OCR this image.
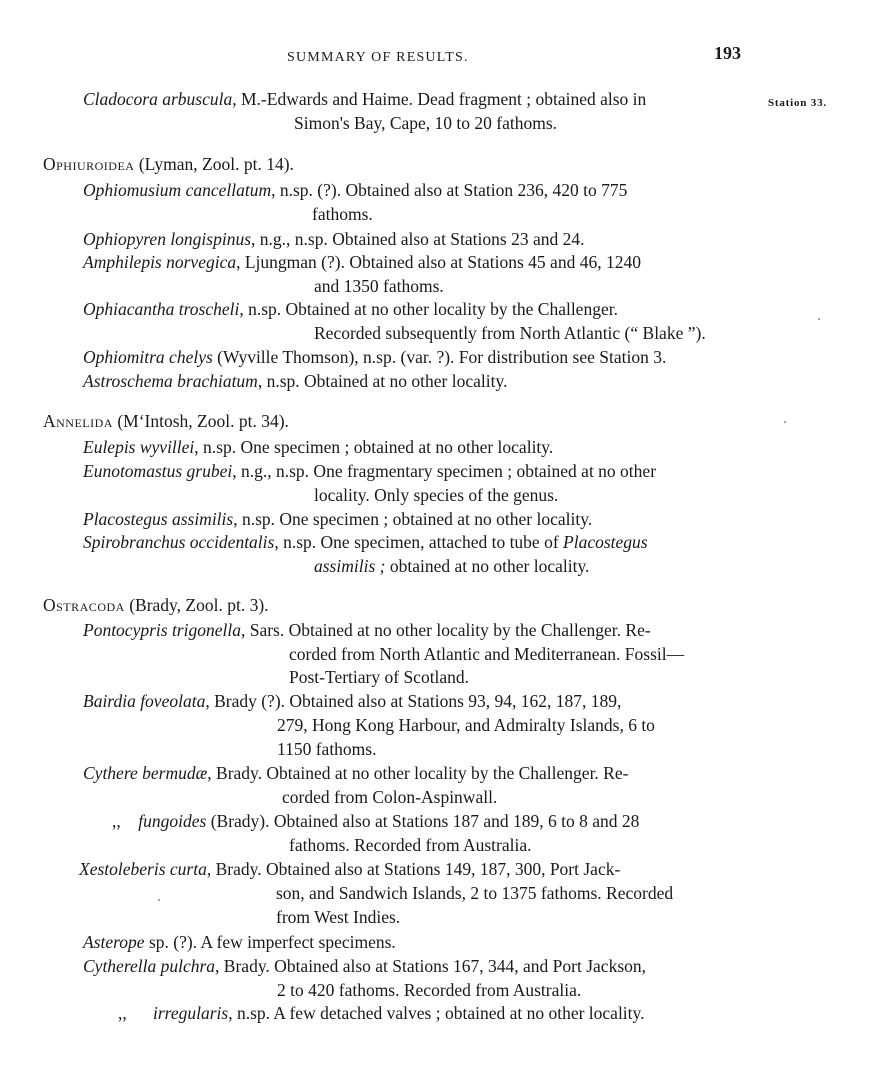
SUMMARY OF RESULTS.	193
Cladocora arbuscula, M.-Edwards and Haime. Dead fragment ; obtained also in	Station 33.
Simon's Bay, Cape, 10 to 20 fathoms.
Ophiuroidea (Lyman, Zool. pt. 14).
Ophiomusium cancellatum, n.sp. (?). Obtained also at Station 236, 420 to 775
fathoms.
Ophiopyren longispinus, n.g., n.sp. Obtained also at Stations 23 and 24.
Amphilepis norvegica, Ljungman (?). Obtained also at Stations 45 and 46, 1240
and 1350 fathoms.
Ophiacantha troscheli, n.sp. Obtained at no other locality by the Challenger.
Recorded subsequently from North Atlantic (“ Blake ”).
Ophiomitra chelys (Wyville Thomson), n.sp. (var. ?). For distribution see Station 3.
Astroschema brachiatum, n.sp. Obtained at no other locality.
Annelida (M‘Intosh, Zool. pt. 34).
Eulepis wyvillei, n.sp. One specimen ; obtained at no other locality.
Eunotomastus grubei, n.g., n.sp. One fragmentary specimen ; obtained at no other
locality. Only species of the genus.
Placostegus assimilis, n.sp. One specimen ; obtained at no other locality.
Spirobranchus occidentalis, n.sp. One specimen, attached to tube of Placostegus
assimilis ; obtained at no other locality.
Ostracoda (Brady, Zool. pt. 3).
Pontocypris trigonella, Sars. Obtained at no other locality by the Challenger. Re-
corded from North Atlantic and Mediterranean. Fossil—
Post-Tertiary of Scotland.
Bairdia foveolata, Brady (?). Obtained also at Stations 93, 94, 162, 187, 189,
279, Hong Kong Harbour, and Admiralty Islands, 6 to
1150 fathoms.
Cythere bermudæ, Brady. Obtained at no other locality by the Challenger. Re-
corded from Colon-Aspinwall.
,, fungoides (Brady). Obtained also at Stations 187 and 189, 6 to 8 and 28
fathoms. Recorded from Australia.
Xestoleberis curta, Brady. Obtained also at Stations 149, 187, 300, Port Jack-
son, and Sandwich Islands, 2 to 1375 fathoms. Recorded
from West Indies.
Asterope sp. (?). A few imperfect specimens.
Cytherella pulchra, Brady. Obtained also at Stations 167, 344, and Port Jackson,
2 to 420 fathoms. Recorded from Australia.
,, irregularis, n.sp. A few detached valves ; obtained at no other locality.
